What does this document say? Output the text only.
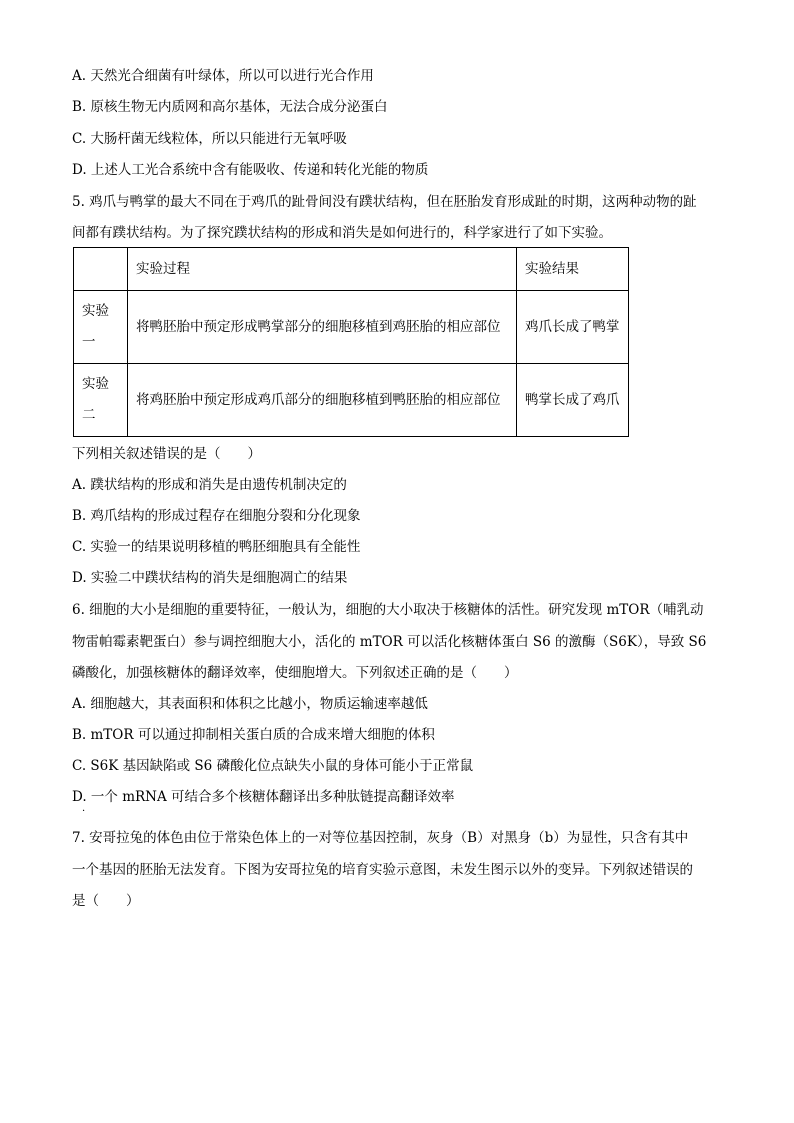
A. 天然光合细菌有叶绿体，所以可以进行光合作用
B. 原核生物无内质网和高尔基体，无法合成分泌蛋白
C. 大肠杆菌无线粒体，所以只能进行无氧呼吸
D. 上述人工光合系统中含有能吸收、传递和转化光能的物质
5. 鸡爪与鸭掌的最大不同在于鸡爪的趾骨间没有蹼状结构，但在胚胎发育形成趾的时期，这两种动物的趾
间都有蹼状结构。为了探究蹼状结构的形成和消失是如何进行的，科学家进行了如下实验。
	实验过程	实验结果
实验一	将鸭胚胎中预定形成鸭掌部分的细胞移植到鸡胚胎的相应部位	鸡爪长成了鸭掌
实验二	将鸡胚胎中预定形成鸡爪部分的细胞移植到鸭胚胎的相应部位	鸭掌长成了鸡爪
下列相关叙述错误的是（　　）
A. 蹼状结构的形成和消失是由遗传机制决定的
B. 鸡爪结构的形成过程存在细胞分裂和分化现象
C. 实验一的结果说明移植的鸭胚细胞具有全能性
D. 实验二中蹼状结构的消失是细胞凋亡的结果
6. 细胞的大小是细胞的重要特征，一般认为，细胞的大小取决于核糖体的活性。研究发现 mTOR（哺乳动
物雷帕霉素靶蛋白）参与调控细胞大小，活化的 mTOR 可以活化核糖体蛋白 S6 的激酶（S6K），导致 S6
磷酸化，加强核糖体的翻译效率，使细胞增大。下列叙述正确的是（　　）
A. 细胞越大，其表面积和体积之比越小，物质运输速率越低
B. mTOR 可以通过抑制相关蛋白质的合成来增大细胞的体积
C. S6K 基因缺陷或 S6 磷酸化位点缺失小鼠的身体可能小于正常鼠
D. 一个 mRNA 可结合多个核糖体翻译出多种肽链提高翻译效率
·
7. 安哥拉兔的体色由位于常染色体上的一对等位基因控制，灰身（B）对黑身（b）为显性，只含有其中
一个基因的胚胎无法发育。下图为安哥拉兔的培育实验示意图，未发生图示以外的变异。下列叙述错误的
是（　　）
